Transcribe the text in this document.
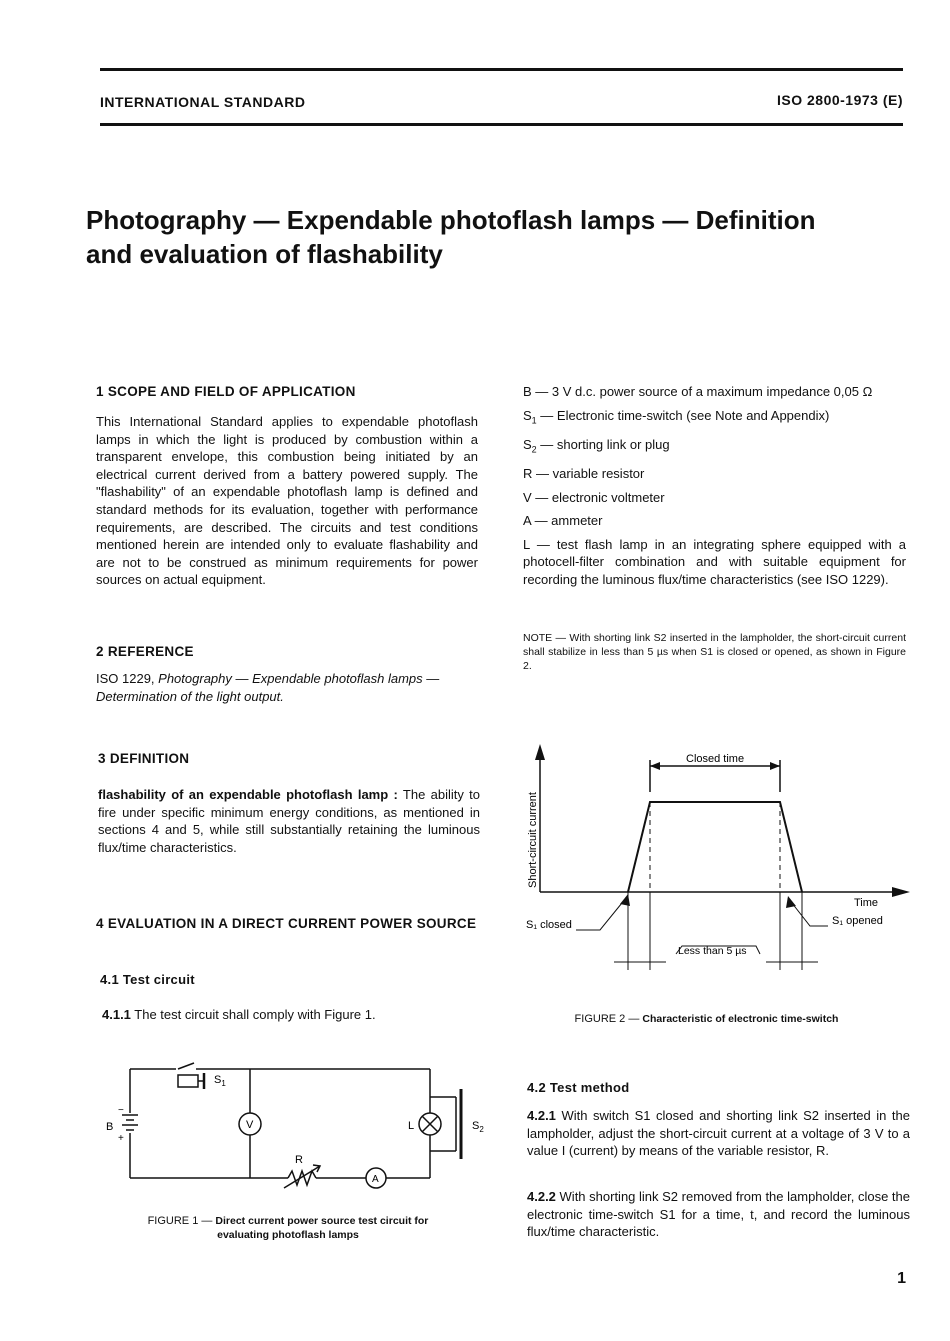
INTERNATIONAL STANDARD	ISO 2800-1973 (E)
Photography — Expendable photoflash lamps — Definition
and evaluation of flashability
1 SCOPE AND FIELD OF APPLICATION
This International Standard applies to expendable photoflash lamps in which the light is produced by combustion within a transparent envelope, this combustion being initiated by an electrical current derived from a battery powered supply. The "flashability" of an expendable photoflash lamp is defined and standard methods for its evaluation, together with performance requirements, are described. The circuits and test conditions mentioned herein are intended only to evaluate flashability and are not to be construed as minimum requirements for power sources on actual equipment.
2 REFERENCE
ISO 1229, Photography — Expendable photoflash lamps —
Determination of the light output.
3 DEFINITION
flashability of an expendable photoflash lamp : The ability to fire under specific minimum energy conditions, as mentioned in sections 4 and 5, while still substantially retaining the luminous flux/time characteristics.
4 EVALUATION IN A DIRECT CURRENT POWER SOURCE
4.1 Test circuit
4.1.1 The test circuit shall comply with Figure 1.
$S_1$
B
−
+
V	L	$S_2$
R
A
FIGURE 1 — Direct current power source test circuit for
evaluating photoflash lamps
B — 3 V d.c. power source of a maximum impedance 0,05 Ω
$S_1$ — Electronic time-switch (see Note and Appendix)
$S_2$ — shorting link or plug
R — variable resistor
V — electronic voltmeter
A — ammeter
L — test flash lamp in an integrating sphere equipped with a photocell-filter combination and with suitable equipment for recording the luminous flux/time characteristics (see ISO 1229).
NOTE — With shorting link S2 inserted in the lampholder, the short-circuit current shall stabilize in less than 5 µs when S1 is closed or opened, as shown in Figure 2.
Closed time
Short-circuit current
Time
S₁ closed	S₁ opened
Less than 5 µs
FIGURE 2 — Characteristic of electronic time-switch
4.2 Test method
4.2.1 With switch S1 closed and shorting link S2 inserted in the lampholder, adjust the short-circuit current at a voltage of 3 V to a value I (current) by means of the variable resistor, R.
4.2.2 With shorting link S2 removed from the lampholder, close the electronic time-switch S1 for a time, t, and record the luminous flux/time characteristic.
1
